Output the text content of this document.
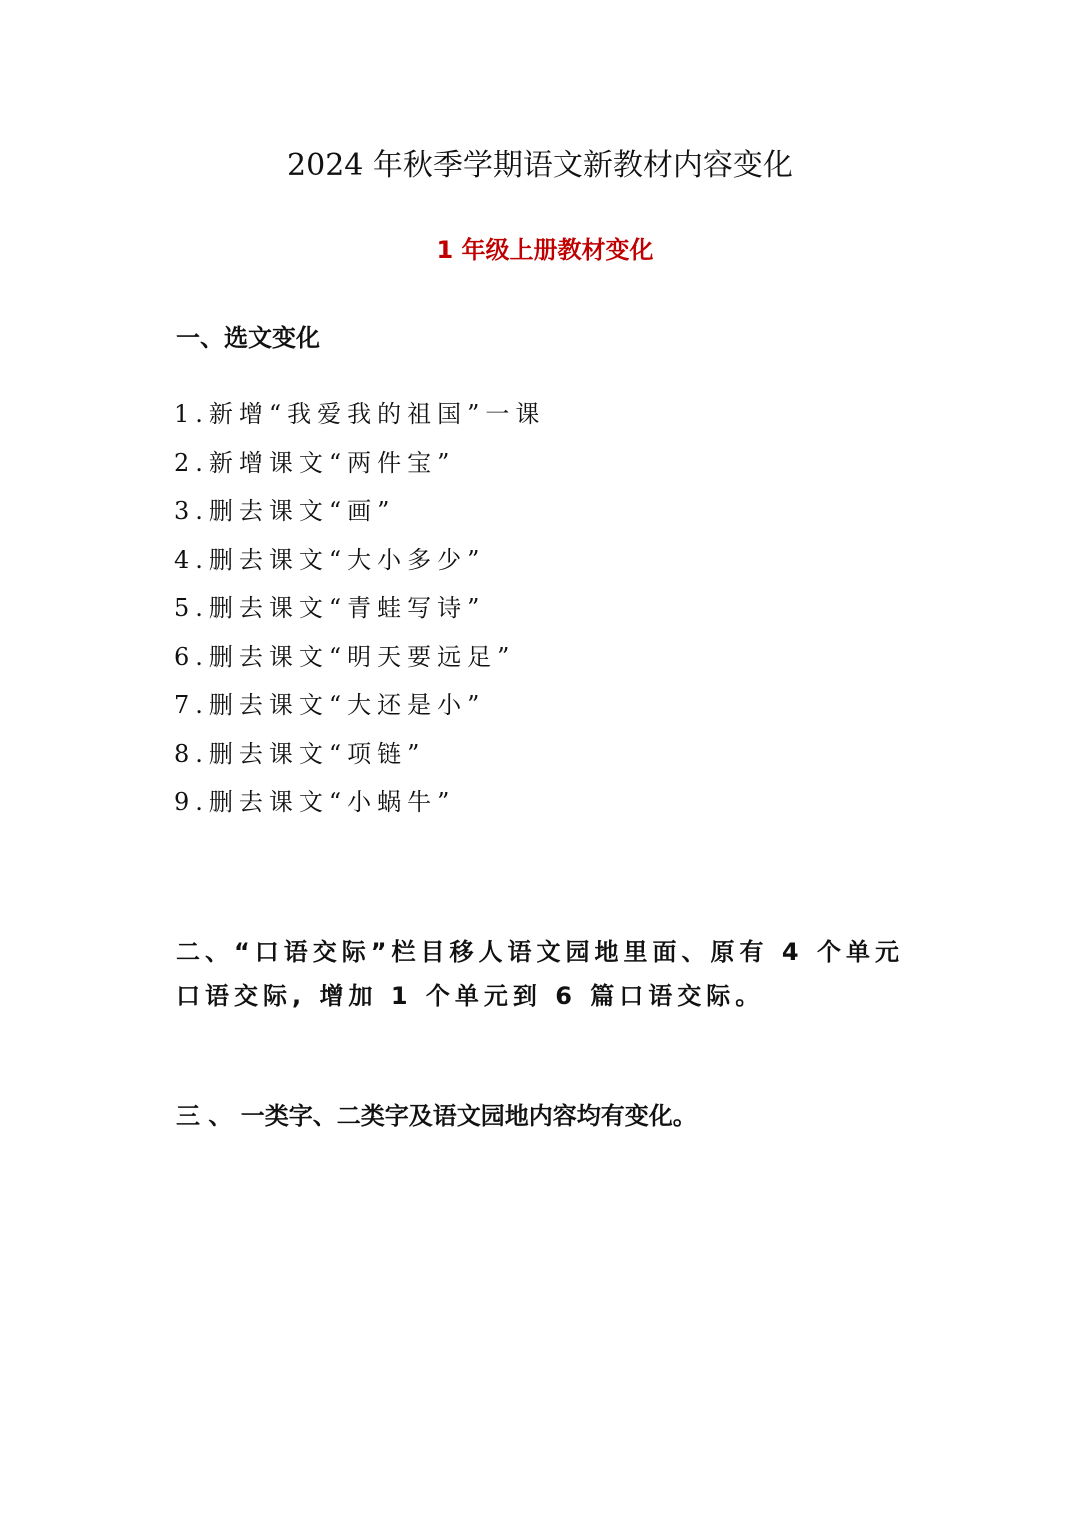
2024 年秋季学期语文新教材内容变化
1 年级上册教材变化
一、选文变化
1.新增“我爱我的祖国”一课
2.新增课文“两件宝”
3.删去课文“画”
4.删去课文“大小多少”
5.删去课文“青蛙写诗”
6.删去课文“明天要远足”
7.删去课文“大还是小”
8.删去课文“项链”
9.删去课文“小蜗牛”
二、“口语交际”栏目移人语文园地里面、原有 4 个单元口语交际, 增加 1 个单元到 6 篇口语交际。
三 、 一类字、二类字及语文园地内容均有变化。
